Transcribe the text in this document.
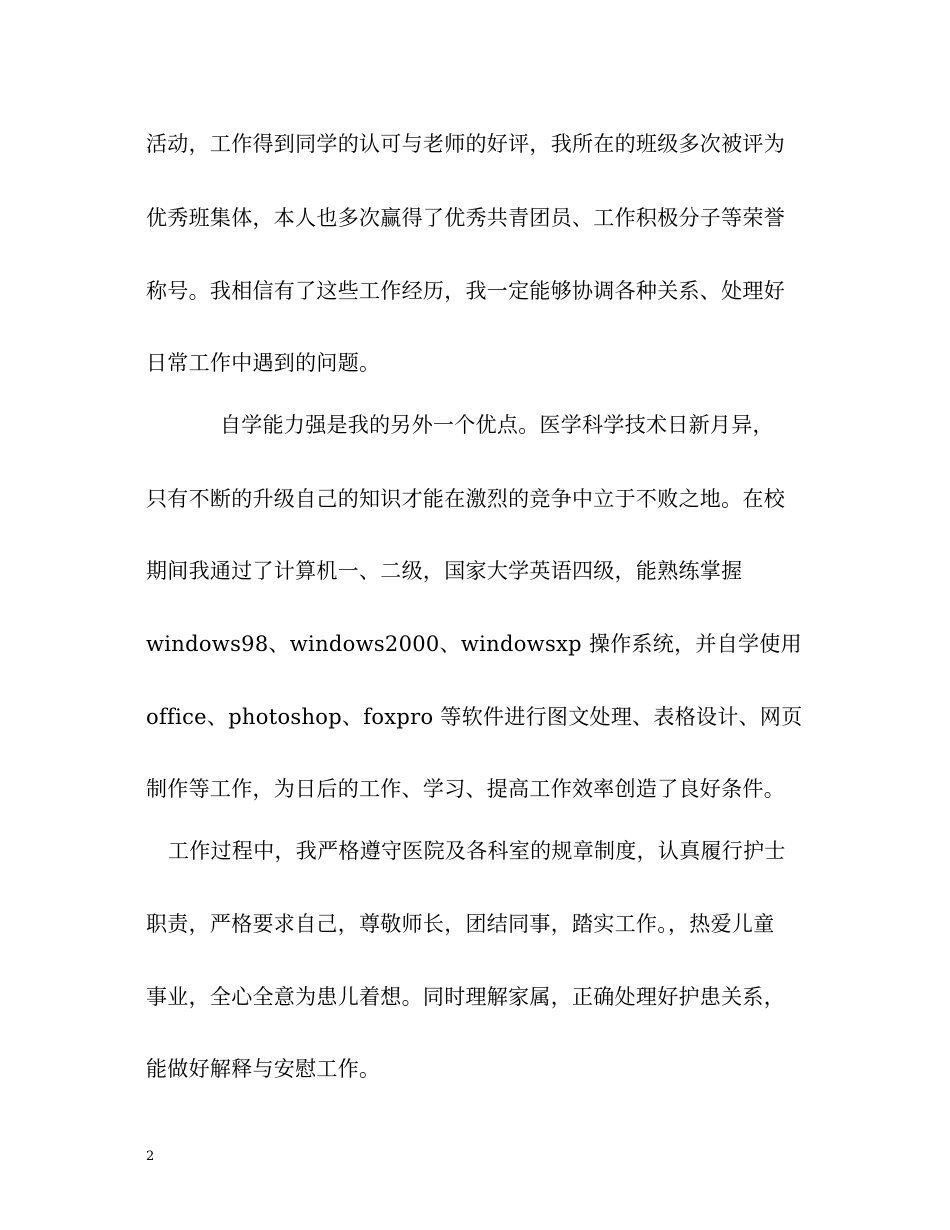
活动，工作得到同学的认可与老师的好评，我所在的班级多次被评为
优秀班集体，本人也多次赢得了优秀共青团员、工作积极分子等荣誉
称号。我相信有了这些工作经历，我一定能够协调各种关系、处理好
日常工作中遇到的问题。
自学能力强是我的另外一个优点。医学科学技术日新月异，
只有不断的升级自己的知识才能在激烈的竞争中立于不败之地。在校
期间我通过了计算机一、二级，国家大学英语四级，能熟练掌握
windows98、windows2000、windowsxp 操作系统，并自学使用
office、photoshop、foxpro 等软件进行图文处理、表格设计、网页
制作等工作，为日后的工作、学习、提高工作效率创造了良好条件。
工作过程中，我严格遵守医院及各科室的规章制度，认真履行护士
职责，严格要求自己，尊敬师长，团结同事，踏实工作。，热爱儿童
事业，全心全意为患儿着想。同时理解家属，正确处理好护患关系，
能做好解释与安慰工作。
2
